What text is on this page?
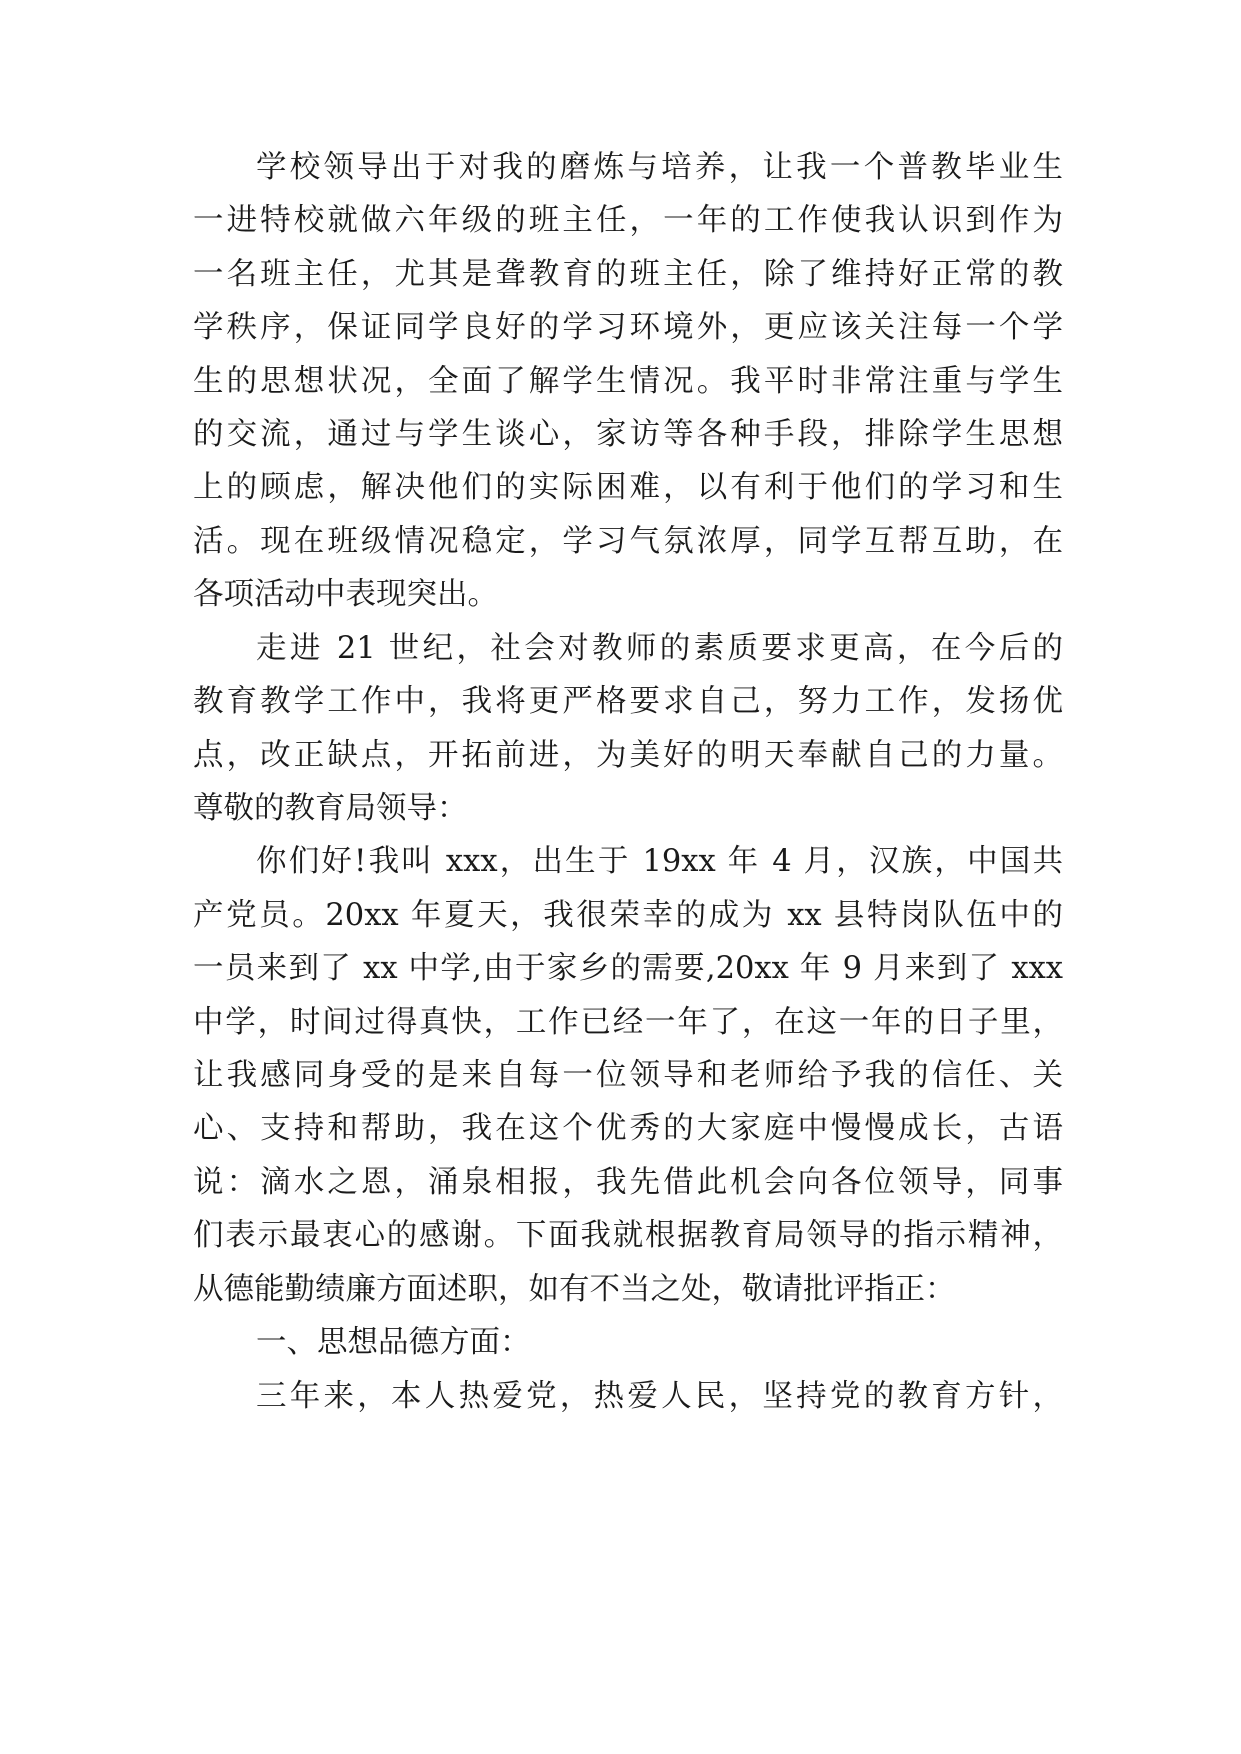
学校领导出于对我的磨炼与培养，让我一个普教毕业生
一进特校就做六年级的班主任，一年的工作使我认识到作为
一名班主任，尤其是聋教育的班主任，除了维持好正常的教
学秩序，保证同学良好的学习环境外，更应该关注每一个学
生的思想状况，全面了解学生情况。我平时非常注重与学生
的交流，通过与学生谈心，家访等各种手段，排除学生思想
上的顾虑，解决他们的实际困难，以有利于他们的学习和生
活。现在班级情况稳定，学习气氛浓厚，同学互帮互助，在
各项活动中表现突出。
走进 21 世纪，社会对教师的素质要求更高，在今后的
教育教学工作中，我将更严格要求自己，努力工作，发扬优
点，改正缺点，开拓前进，为美好的明天奉献自己的力量。
尊敬的教育局领导：
你们好!我叫 xxx，出生于 19xx 年 4 月，汉族，中国共
产党员。20xx 年夏天，我很荣幸的成为 xx 县特岗队伍中的
一员来到了 xx 中学,由于家乡的需要,20xx 年 9 月来到了 xxx
中学，时间过得真快，工作已经一年了，在这一年的日子里，
让我感同身受的是来自每一位领导和老师给予我的信任、关
心、支持和帮助，我在这个优秀的大家庭中慢慢成长，古语
说：滴水之恩，涌泉相报，我先借此机会向各位领导，同事
们表示最衷心的感谢。下面我就根据教育局领导的指示精神，
从德能勤绩廉方面述职，如有不当之处，敬请批评指正：
一、思想品德方面：
三年来，本人热爱党，热爱人民，坚持党的教育方针，
